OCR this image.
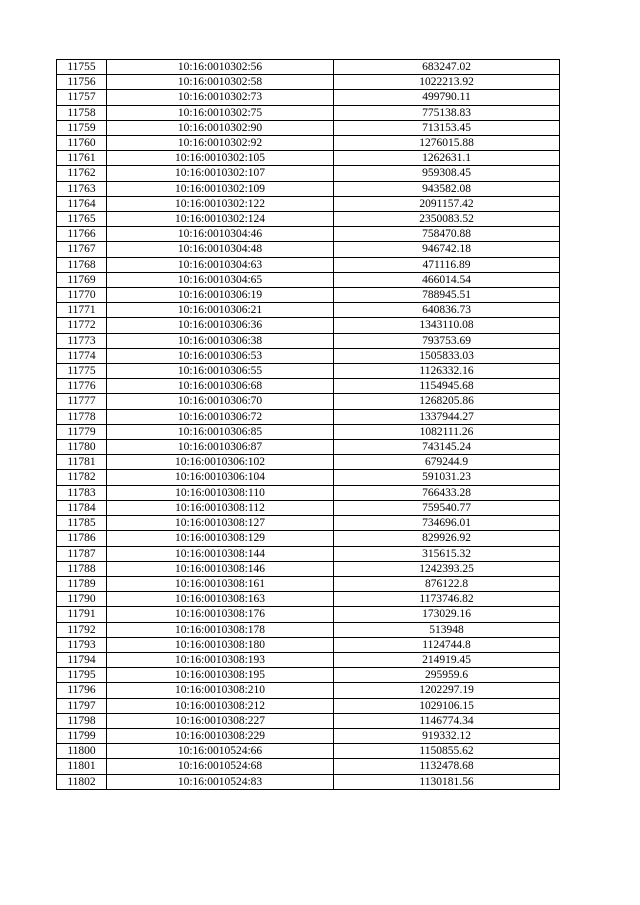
11755	10:16:0010302:56	683247.02
11756	10:16:0010302:58	1022213.92
11757	10:16:0010302:73	499790.11
11758	10:16:0010302:75	775138.83
11759	10:16:0010302:90	713153.45
11760	10:16:0010302:92	1276015.88
11761	10:16:0010302:105	1262631.1
11762	10:16:0010302:107	959308.45
11763	10:16:0010302:109	943582.08
11764	10:16:0010302:122	2091157.42
11765	10:16:0010302:124	2350083.52
11766	10:16:0010304:46	758470.88
11767	10:16:0010304:48	946742.18
11768	10:16:0010304:63	471116.89
11769	10:16:0010304:65	466014.54
11770	10:16:0010306:19	788945.51
11771	10:16:0010306:21	640836.73
11772	10:16:0010306:36	1343110.08
11773	10:16:0010306:38	793753.69
11774	10:16:0010306:53	1505833.03
11775	10:16:0010306:55	1126332.16
11776	10:16:0010306:68	1154945.68
11777	10:16:0010306:70	1268205.86
11778	10:16:0010306:72	1337944.27
11779	10:16:0010306:85	1082111.26
11780	10:16:0010306:87	743145.24
11781	10:16:0010306:102	679244.9
11782	10:16:0010306:104	591031.23
11783	10:16:0010308:110	766433.28
11784	10:16:0010308:112	759540.77
11785	10:16:0010308:127	734696.01
11786	10:16:0010308:129	829926.92
11787	10:16:0010308:144	315615.32
11788	10:16:0010308:146	1242393.25
11789	10:16:0010308:161	876122.8
11790	10:16:0010308:163	1173746.82
11791	10:16:0010308:176	173029.16
11792	10:16:0010308:178	513948
11793	10:16:0010308:180	1124744.8
11794	10:16:0010308:193	214919.45
11795	10:16:0010308:195	295959.6
11796	10:16:0010308:210	1202297.19
11797	10:16:0010308:212	1029106.15
11798	10:16:0010308:227	1146774.34
11799	10:16:0010308:229	919332.12
11800	10:16:0010524:66	1150855.62
11801	10:16:0010524:68	1132478.68
11802	10:16:0010524:83	1130181.56
